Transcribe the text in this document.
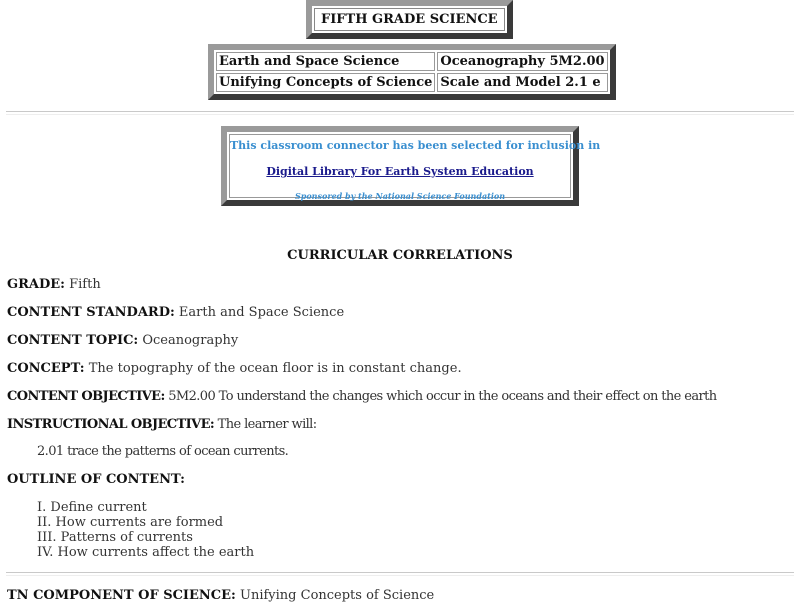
FIFTH GRADE SCIENCE
Earth and Space Science	Oceanography 5M2.00
Unifying Concepts of Science	Scale and Model 2.1 e
This classroom connector has been selected for inclusion in
Digital Library For Earth System Education
Sponsored by the National Science Foundation
CURRICULAR CORRELATIONS
GRADE: Fifth
CONTENT STANDARD: Earth and Space Science
CONTENT TOPIC: Oceanography
CONCEPT: The topography of the ocean floor is in constant change.
CONTENT OBJECTIVE: 5M2.00 To understand the changes which occur in the oceans and their effect on the earth
INSTRUCTIONAL OBJECTIVE: The learner will:
2.01 trace the patterns of ocean currents.
OUTLINE OF CONTENT:
I. Define current
II. How currents are formed
III. Patterns of currents
IV. How currents affect the earth
TN COMPONENT OF SCIENCE: Unifying Concepts of Science
